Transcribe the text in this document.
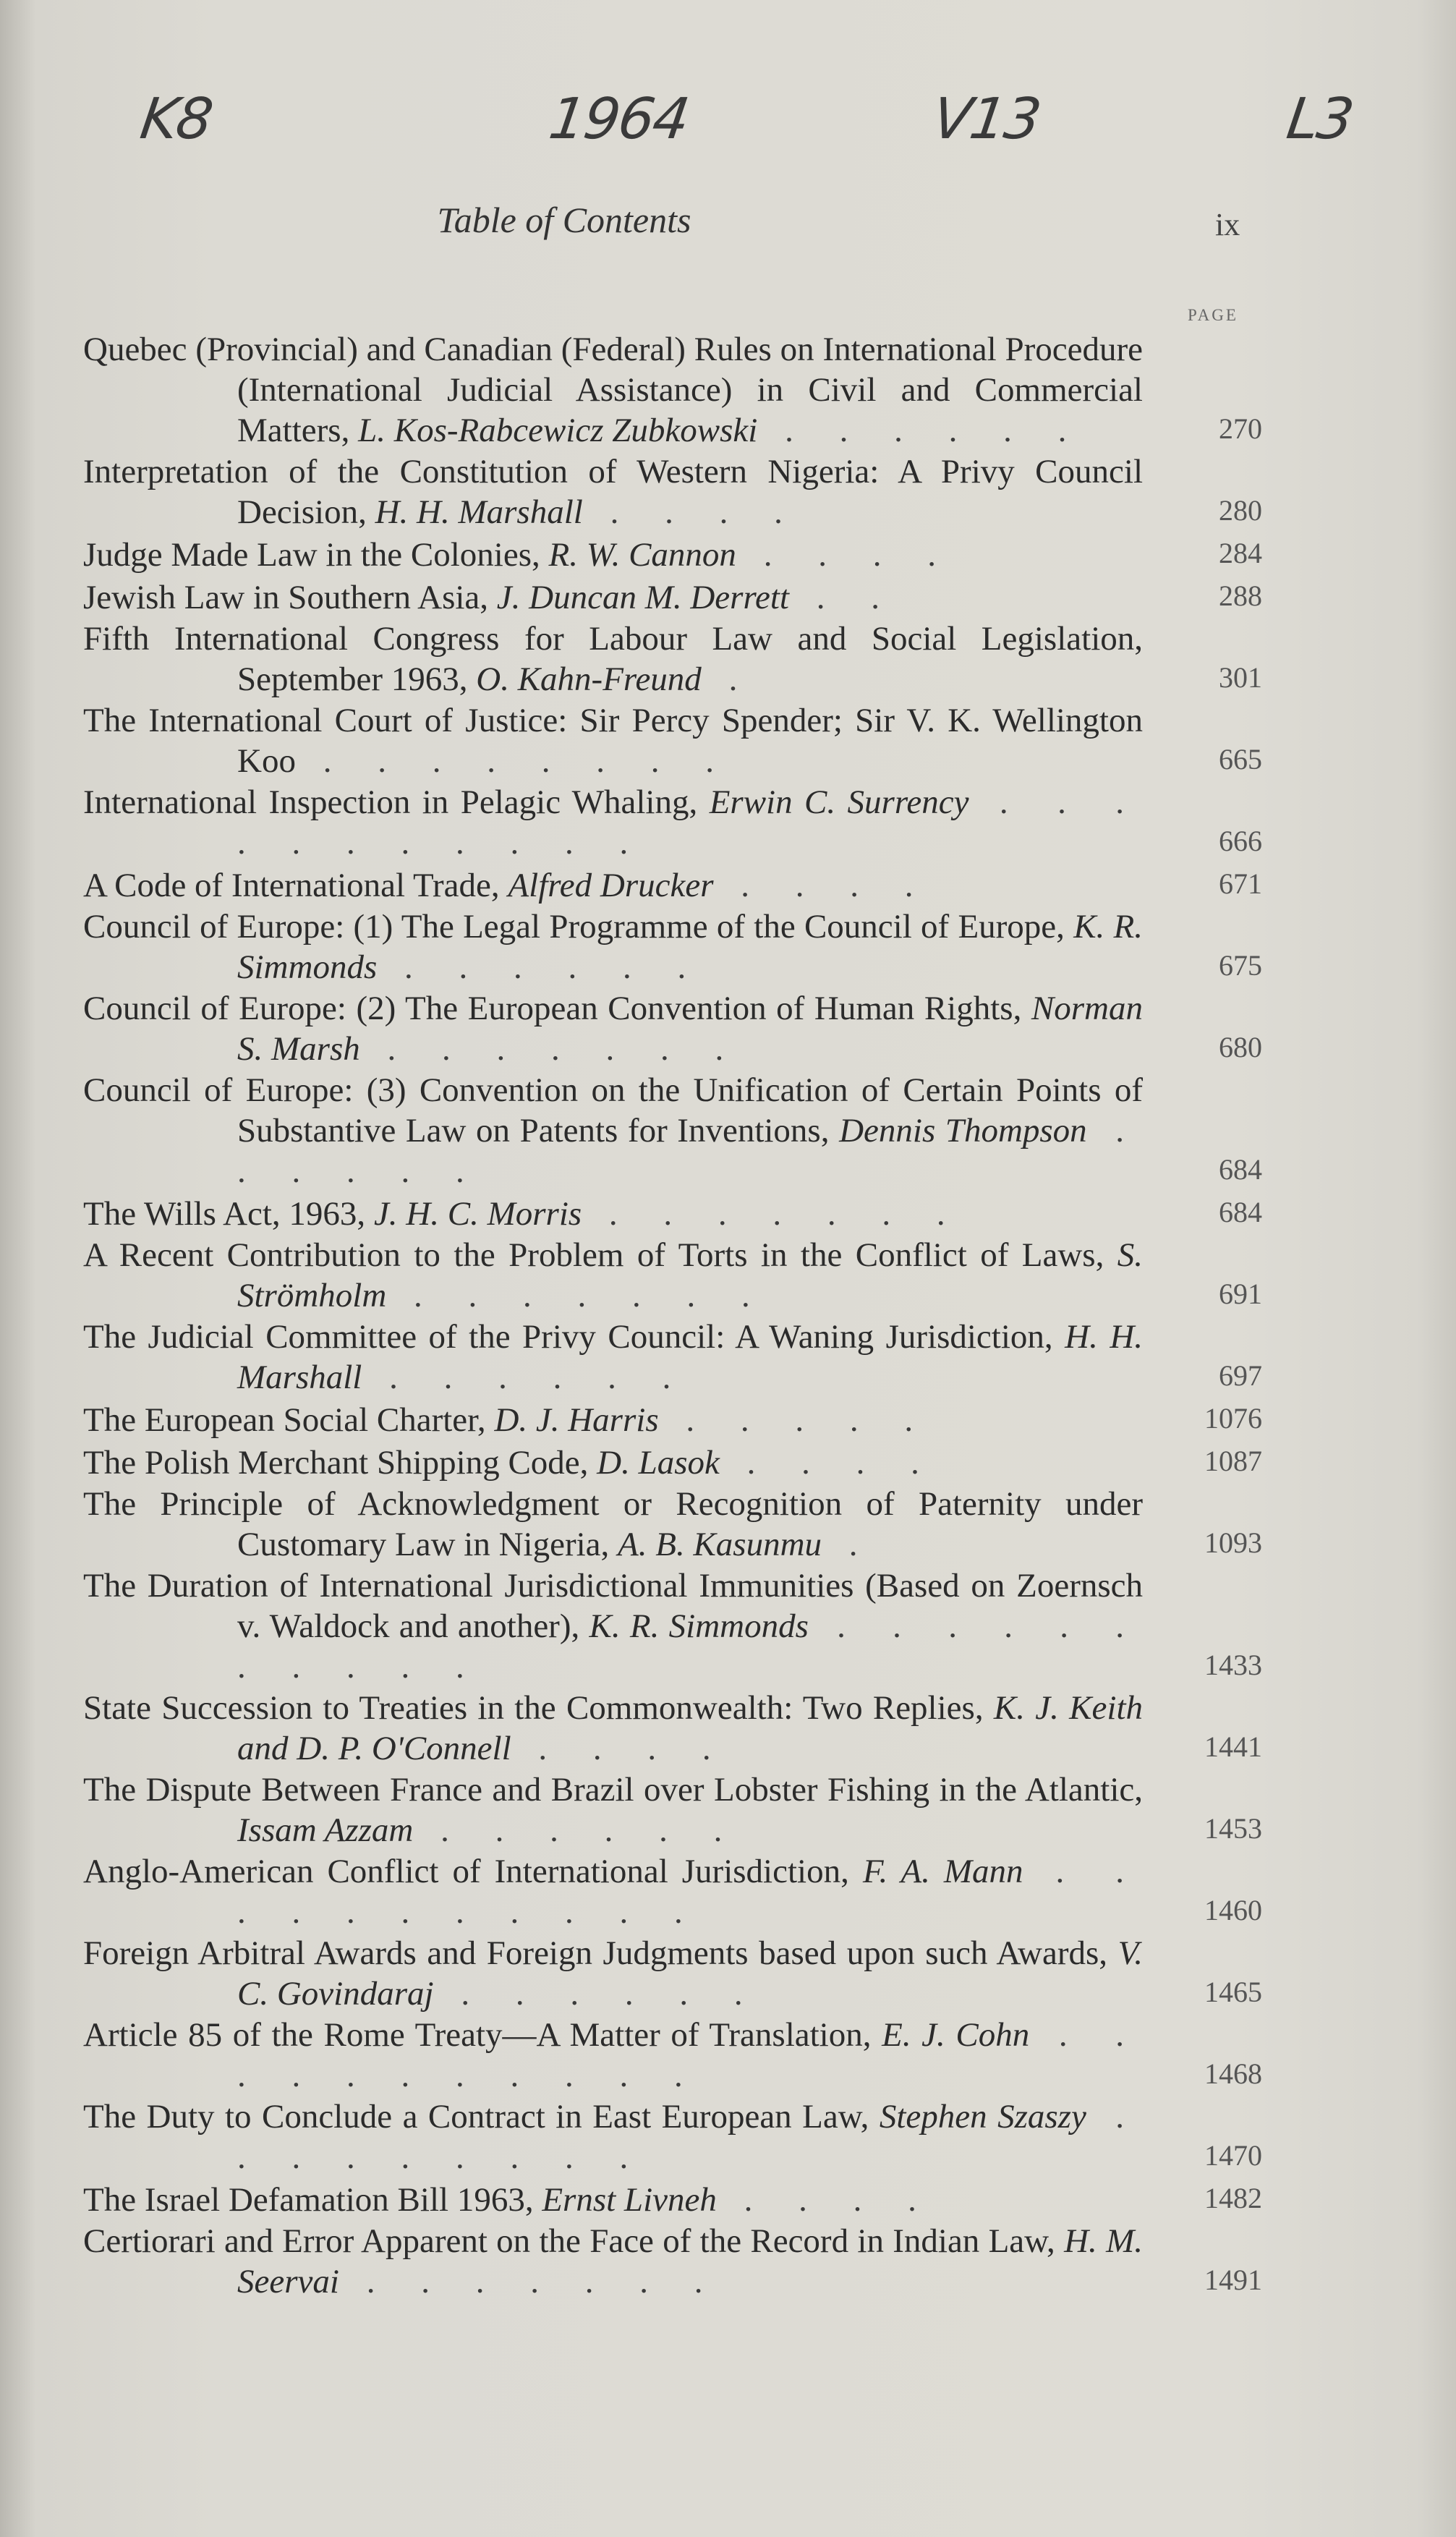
K8	1964	V13	L3
Table of Contents	ix
PAGE
Quebec (Provincial) and Canadian (Federal) Rules on International Procedure (International Judicial Assistance) in Civil and Commercial Matters, L. Kos-Rabcewicz Zubkowski . . . . . .	270
Interpretation of the Constitution of Western Nigeria: A Privy Council Decision, H. H. Marshall . . . .	280
Judge Made Law in the Colonies, R. W. Cannon . . . .	284
Jewish Law in Southern Asia, J. Duncan M. Derrett . .	288
Fifth International Congress for Labour Law and Social Legislation, September 1963, O. Kahn-Freund .	301
The International Court of Justice: Sir Percy Spender; Sir V. K. Wellington Koo . . . . . . . .	665
International Inspection in Pelagic Whaling, Erwin C. Surrency . . . . . . . . . . .	666
A Code of International Trade, Alfred Drucker . . . .	671
Council of Europe: (1) The Legal Programme of the Council of Europe, K. R. Simmonds . . . . . .	675
Council of Europe: (2) The European Convention of Human Rights, Norman S. Marsh . . . . . . .	680
Council of Europe: (3) Convention on the Unification of Certain Points of Substantive Law on Patents for Inventions, Dennis Thompson . . . . . .	684
The Wills Act, 1963, J. H. C. Morris . . . . . . .	684
A Recent Contribution to the Problem of Torts in the Conflict of Laws, S. Strömholm . . . . . . .	691
The Judicial Committee of the Privy Council: A Waning Jurisdiction, H. H. Marshall . . . . . .	697
The European Social Charter, D. J. Harris . . . . .	1076
The Polish Merchant Shipping Code, D. Lasok . . . .	1087
The Principle of Acknowledgment or Recognition of Paternity under Customary Law in Nigeria, A. B. Kasunmu .	1093
The Duration of International Jurisdictional Immunities (Based on Zoernsch v. Waldock and another), K. R. Simmonds . . . . . . . . . . .	1433
State Succession to Treaties in the Commonwealth: Two Replies, K. J. Keith and D. P. O'Connell . . . .	1441
The Dispute Between France and Brazil over Lobster Fishing in the Atlantic, Issam Azzam . . . . . .	1453
Anglo-American Conflict of International Jurisdiction, F. A. Mann . . . . . . . . . . .	1460
Foreign Arbitral Awards and Foreign Judgments based upon such Awards, V. C. Govindaraj . . . . . .	1465
Article 85 of the Rome Treaty—A Matter of Translation, E. J. Cohn . . . . . . . . . . .	1468
The Duty to Conclude a Contract in East European Law, Stephen Szaszy . . . . . . . . .	1470
The Israel Defamation Bill 1963, Ernst Livneh . . . .	1482
Certiorari and Error Apparent on the Face of the Record in Indian Law, H. M. Seervai . . . . . . .	1491
